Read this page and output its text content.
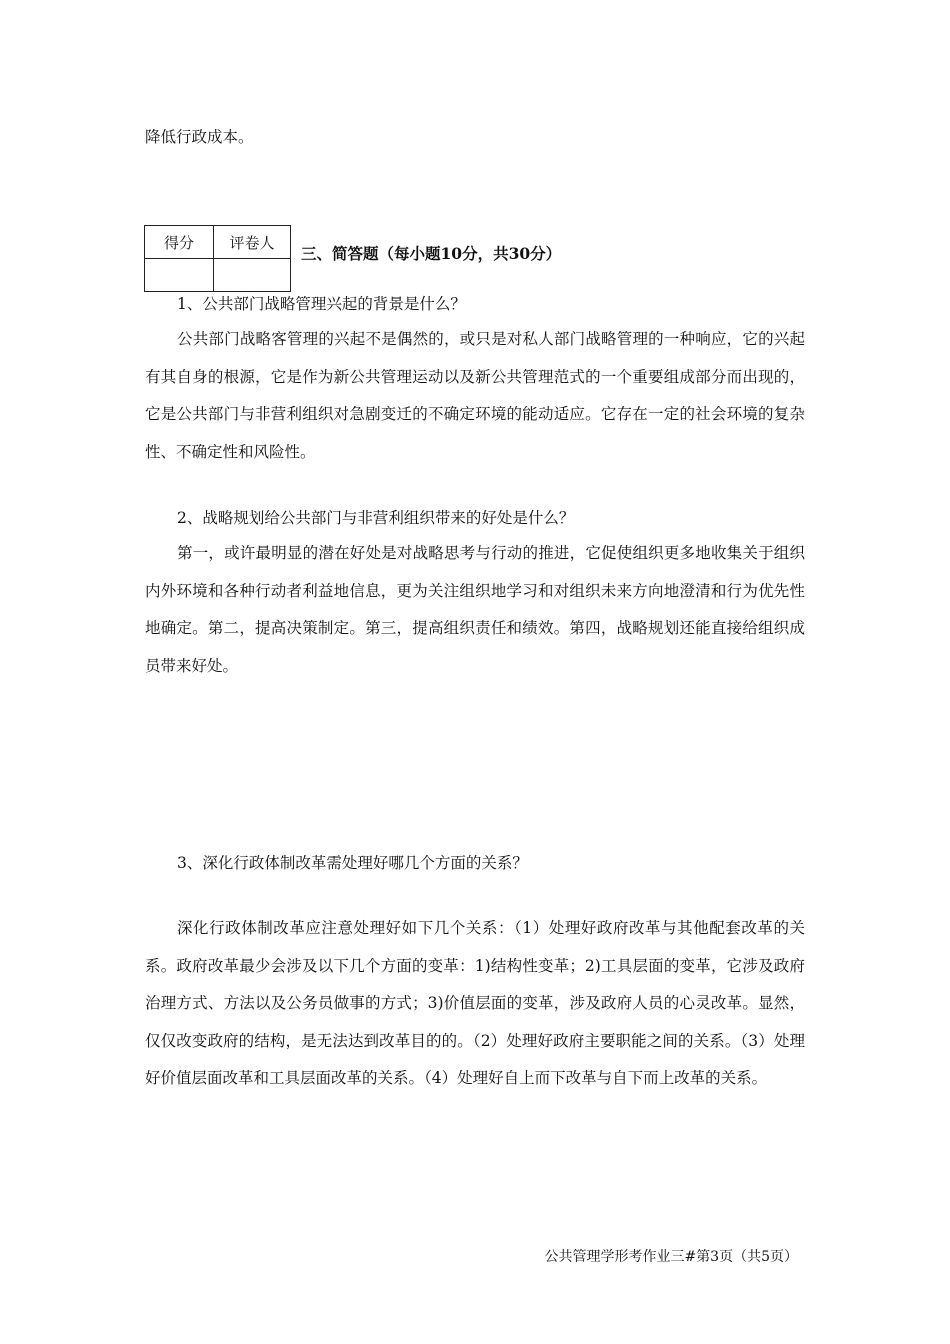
降低行政成本。
得分	评卷人

三、简答题（每小题10分，共30分）
1、公共部门战略管理兴起的背景是什么？

公共部门战略客管理的兴起不是偶然的，或只是对私人部门战略管理的一种响应，它的兴起有其自身的根源，它是作为新公共管理运动以及新公共管理范式的一个重要组成部分而出现的，它是公共部门与非营利组织对急剧变迁的不确定环境的能动适应。它存在一定的社会环境的复杂性、不确定性和风险性。

2、战略规划给公共部门与非营利组织带来的好处是什么？

第一，或许最明显的潜在好处是对战略思考与行动的推进，它促使组织更多地收集关于组织内外环境和各种行动者利益地信息，更为关注组织地学习和对组织未来方向地澄清和行为优先性地确定。第二，提高决策制定。第三，提高组织责任和绩效。第四，战略规划还能直接给组织成员带来好处。

3、深化行政体制改革需处理好哪几个方面的关系？

深化行政体制改革应注意处理好如下几个关系：（1）处理好政府改革与其他配套改革的关系。政府改革最少会涉及以下几个方面的变革：1)结构性变革；2)工具层面的变革，它涉及政府治理方式、方法以及公务员做事的方式；3)价值层面的变革，涉及政府人员的心灵改革。显然，仅仅改变政府的结构，是无法达到改革目的的。（2）处理好政府主要职能之间的关系。（3）处理好价值层面改革和工具层面改革的关系。（4）处理好自上而下改革与自下而上改革的关系。

公共管理学形考作业三#第3页（共5页）
